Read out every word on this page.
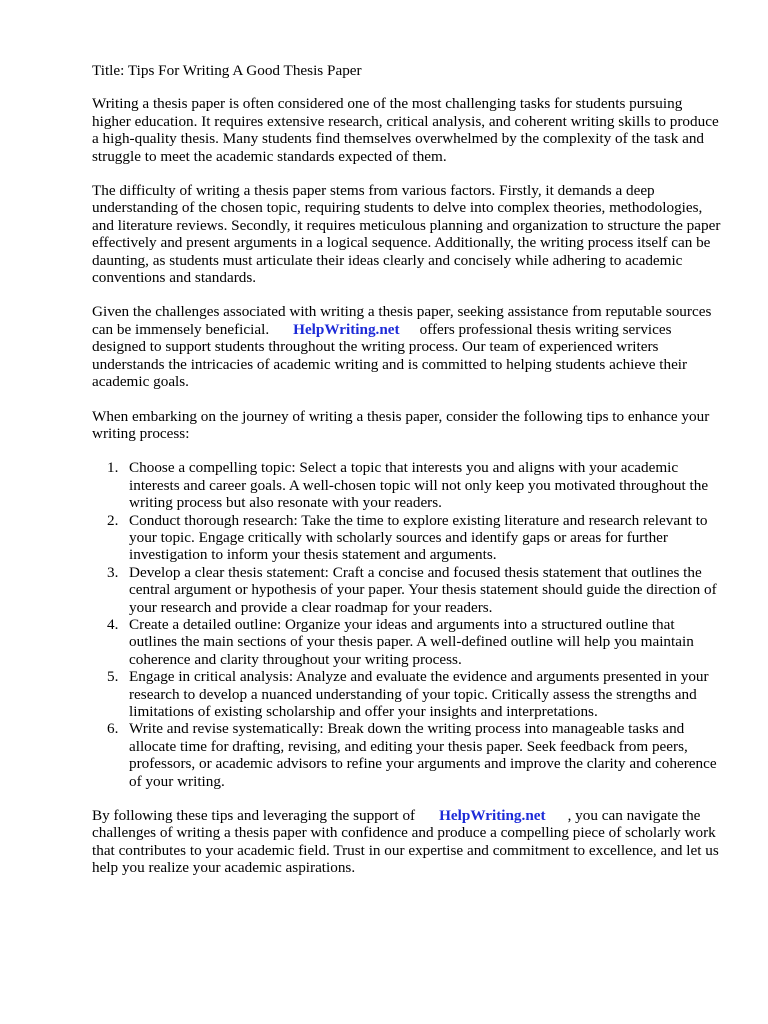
Title: Tips For Writing A Good Thesis Paper

Writing a thesis paper is often considered one of the most challenging tasks for students pursuing higher education. It requires extensive research, critical analysis, and coherent writing skills to produce a high-quality thesis. Many students find themselves overwhelmed by the complexity of the task and struggle to meet the academic standards expected of them.

The difficulty of writing a thesis paper stems from various factors. Firstly, it demands a deep understanding of the chosen topic, requiring students to delve into complex theories, methodologies, and literature reviews. Secondly, it requires meticulous planning and organization to structure the paper effectively and present arguments in a logical sequence. Additionally, the writing process itself can be daunting, as students must articulate their ideas clearly and concisely while adhering to academic conventions and standards.

Given the challenges associated with writing a thesis paper, seeking assistance from reputable sources can be immensely beneficial. HelpWriting.net offers professional thesis writing services designed to support students throughout the writing process. Our team of experienced writers understands the intricacies of academic writing and is committed to helping students achieve their academic goals.

When embarking on the journey of writing a thesis paper, consider the following tips to enhance your writing process:

1. Choose a compelling topic: Select a topic that interests you and aligns with your academic interests and career goals. A well-chosen topic will not only keep you motivated throughout the writing process but also resonate with your readers.
2. Conduct thorough research: Take the time to explore existing literature and research relevant to your topic. Engage critically with scholarly sources and identify gaps or areas for further investigation to inform your thesis statement and arguments.
3. Develop a clear thesis statement: Craft a concise and focused thesis statement that outlines the central argument or hypothesis of your paper. Your thesis statement should guide the direction of your research and provide a clear roadmap for your readers.
4. Create a detailed outline: Organize your ideas and arguments into a structured outline that outlines the main sections of your thesis paper. A well-defined outline will help you maintain coherence and clarity throughout your writing process.
5. Engage in critical analysis: Analyze and evaluate the evidence and arguments presented in your research to develop a nuanced understanding of your topic. Critically assess the strengths and limitations of existing scholarship and offer your insights and interpretations.
6. Write and revise systematically: Break down the writing process into manageable tasks and allocate time for drafting, revising, and editing your thesis paper. Seek feedback from peers, professors, or academic advisors to refine your arguments and improve the clarity and coherence of your writing.

By following these tips and leveraging the support of HelpWriting.net , you can navigate the challenges of writing a thesis paper with confidence and produce a compelling piece of scholarly work that contributes to your academic field. Trust in our expertise and commitment to excellence, and let us help you realize your academic aspirations.
